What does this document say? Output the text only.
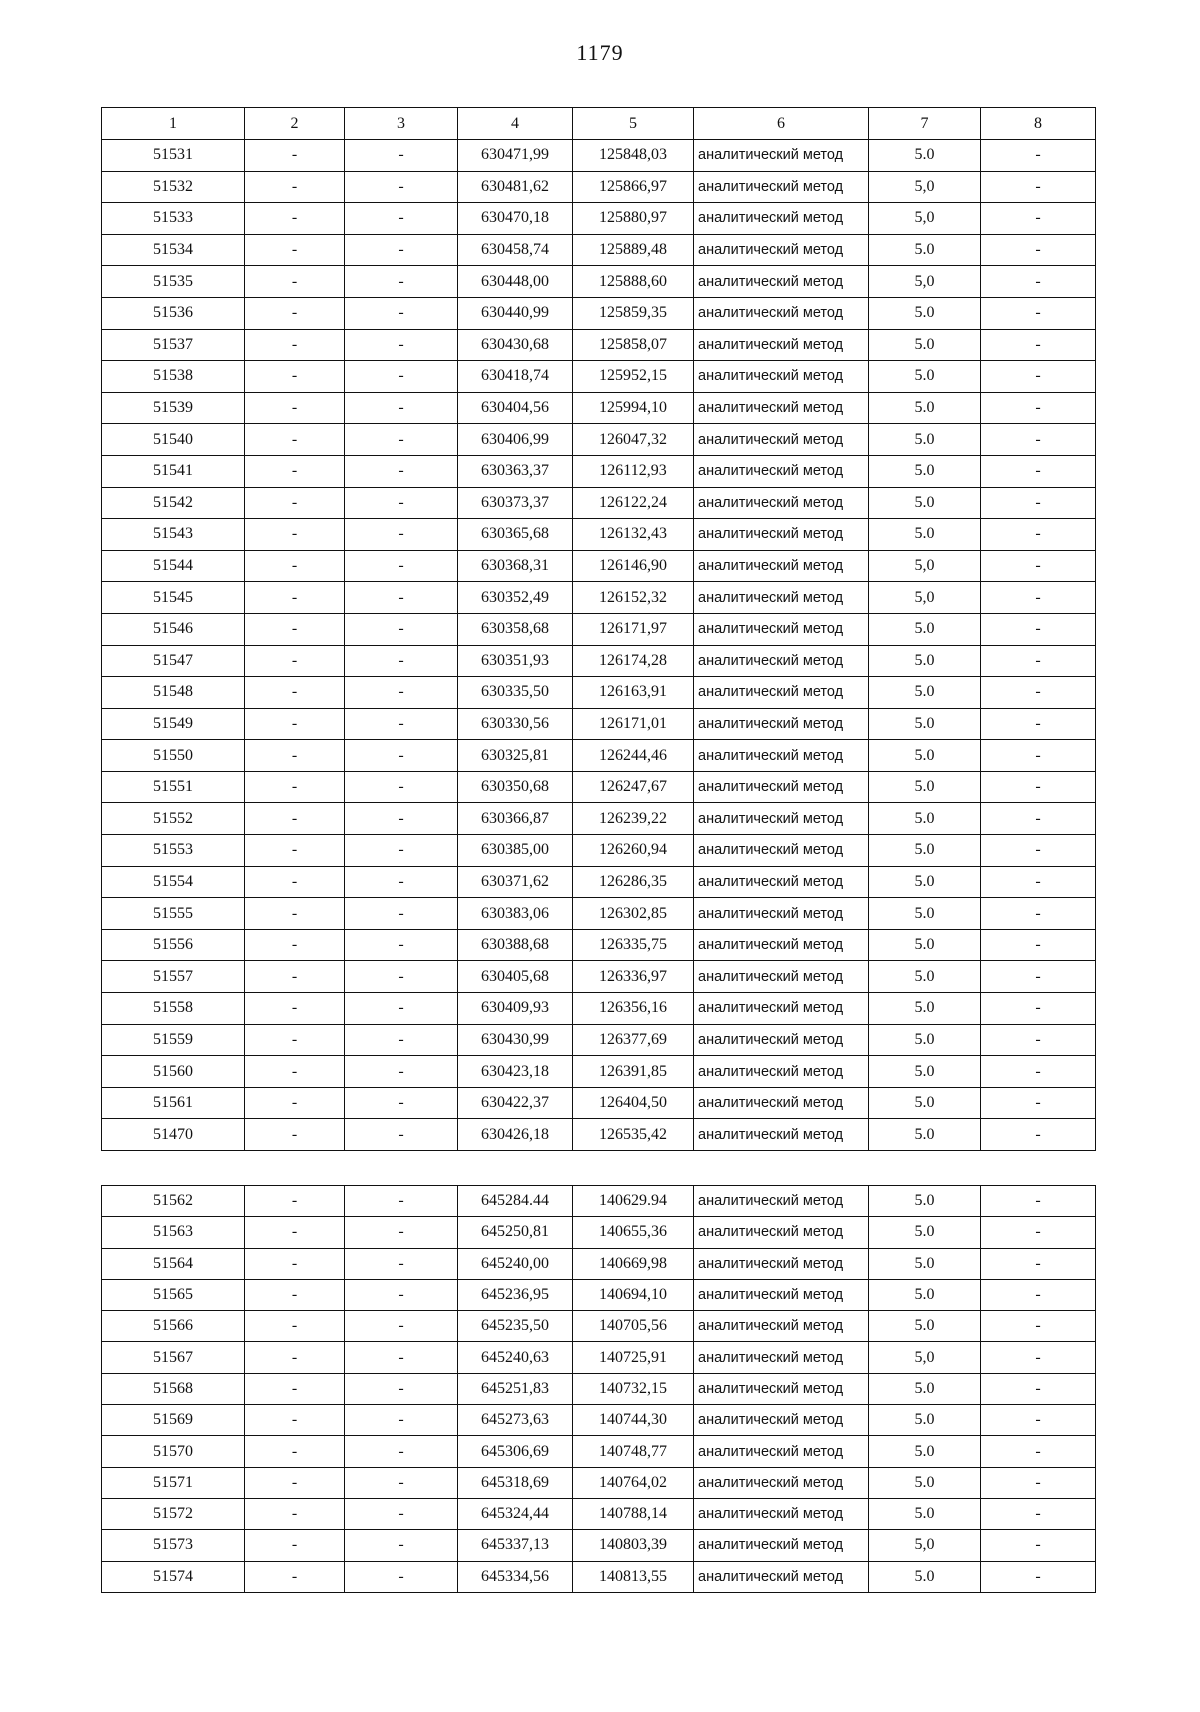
1179
1	2	3	4	5	6	7	8
51531	-	-	630471,99	125848,03	аналитический метод	5.0	-
51532	-	-	630481,62	125866,97	аналитический метод	5,0	-
51533	-	-	630470,18	125880,97	аналитический метод	5,0	-
51534	-	-	630458,74	125889,48	аналитический метод	5.0	-
51535	-	-	630448,00	125888,60	аналитический метод	5,0	-
51536	-	-	630440,99	125859,35	аналитический метод	5.0	-
51537	-	-	630430,68	125858,07	аналитический метод	5.0	-
51538	-	-	630418,74	125952,15	аналитический метод	5.0	-
51539	-	-	630404,56	125994,10	аналитический метод	5.0	-
51540	-	-	630406,99	126047,32	аналитический метод	5.0	-
51541	-	-	630363,37	126112,93	аналитический метод	5.0	-
51542	-	-	630373,37	126122,24	аналитический метод	5.0	-
51543	-	-	630365,68	126132,43	аналитический метод	5.0	-
51544	-	-	630368,31	126146,90	аналитический метод	5,0	-
51545	-	-	630352,49	126152,32	аналитический метод	5,0	-
51546	-	-	630358,68	126171,97	аналитический метод	5.0	-
51547	-	-	630351,93	126174,28	аналитический метод	5.0	-
51548	-	-	630335,50	126163,91	аналитический метод	5.0	-
51549	-	-	630330,56	126171,01	аналитический метод	5.0	-
51550	-	-	630325,81	126244,46	аналитический метод	5.0	-
51551	-	-	630350,68	126247,67	аналитический метод	5.0	-
51552	-	-	630366,87	126239,22	аналитический метод	5.0	-
51553	-	-	630385,00	126260,94	аналитический метод	5.0	-
51554	-	-	630371,62	126286,35	аналитический метод	5.0	-
51555	-	-	630383,06	126302,85	аналитический метод	5.0	-
51556	-	-	630388,68	126335,75	аналитический метод	5.0	-
51557	-	-	630405,68	126336,97	аналитический метод	5.0	-
51558	-	-	630409,93	126356,16	аналитический метод	5.0	-
51559	-	-	630430,99	126377,69	аналитический метод	5.0	-
51560	-	-	630423,18	126391,85	аналитический метод	5.0	-
51561	-	-	630422,37	126404,50	аналитический метод	5.0	-
51470	-	-	630426,18	126535,42	аналитический метод	5.0	-
51562	-	-	645284.44	140629.94	аналитический метод	5.0	-
51563	-	-	645250,81	140655,36	аналитический метод	5.0	-
51564	-	-	645240,00	140669,98	аналитический метод	5.0	-
51565	-	-	645236,95	140694,10	аналитический метод	5.0	-
51566	-	-	645235,50	140705,56	аналитический метод	5.0	-
51567	-	-	645240,63	140725,91	аналитический метод	5,0	-
51568	-	-	645251,83	140732,15	аналитический метод	5.0	-
51569	-	-	645273,63	140744,30	аналитический метод	5.0	-
51570	-	-	645306,69	140748,77	аналитический метод	5.0	-
51571	-	-	645318,69	140764,02	аналитический метод	5.0	-
51572	-	-	645324,44	140788,14	аналитический метод	5.0	-
51573	-	-	645337,13	140803,39	аналитический метод	5,0	-
51574	-	-	645334,56	140813,55	аналитический метод	5.0	-
